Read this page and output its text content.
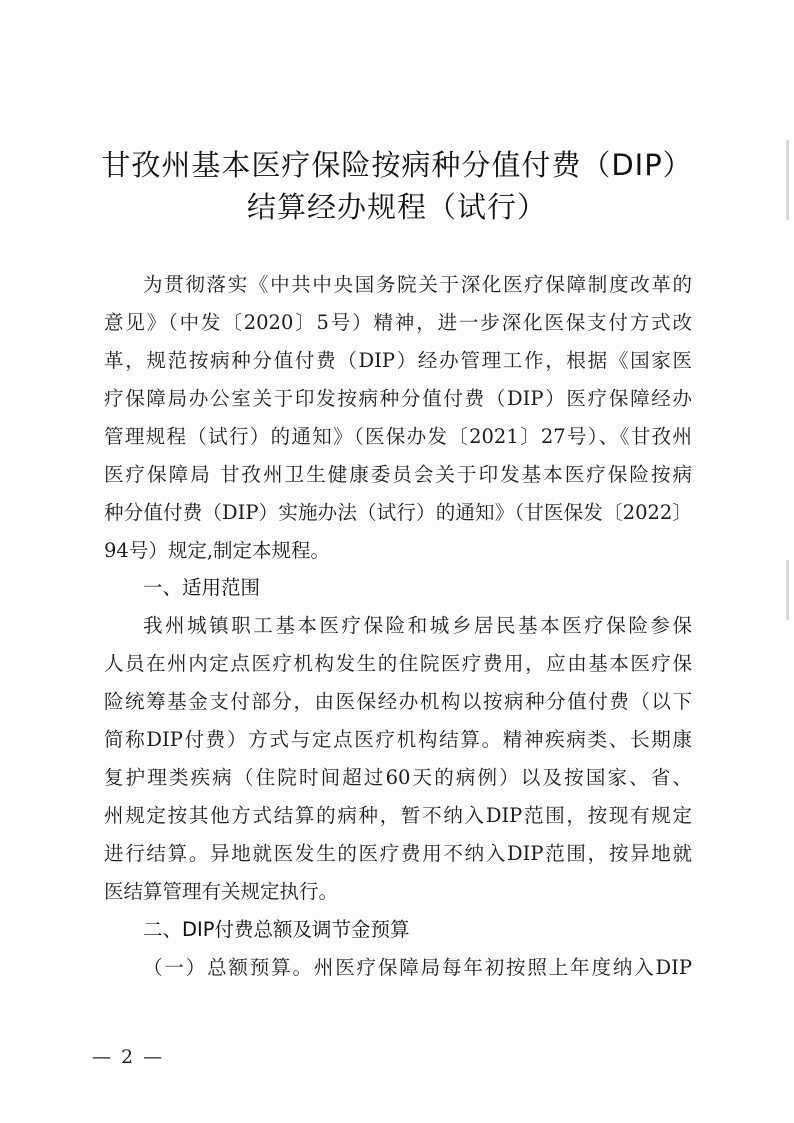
甘孜州基本医疗保险按病种分值付费（DIP）
结算经办规程（试行）
为贯彻落实《中共中央国务院关于深化医疗保障制度改革的
意见》（中发〔2020〕5号）精神，进一步深化医保支付方式改
革，规范按病种分值付费（DIP）经办管理工作，根据《国家医
疗保障局办公室关于印发按病种分值付费（DIP）医疗保障经办
管理规程（试行）的通知》（医保办发〔2021〕27号）、《甘孜州
医疗保障局 甘孜州卫生健康委员会关于印发基本医疗保险按病
种分值付费（DIP）实施办法（试行）的通知》（甘医保发〔2022〕
94号）规定,制定本规程。
一、适用范围
我州城镇职工基本医疗保险和城乡居民基本医疗保险参保
人员在州内定点医疗机构发生的住院医疗费用，应由基本医疗保
险统筹基金支付部分，由医保经办机构以按病种分值付费（以下
简称DIP付费）方式与定点医疗机构结算。精神疾病类、长期康
复护理类疾病（住院时间超过60天的病例）以及按国家、省、
州规定按其他方式结算的病种，暂不纳入DIP范围，按现有规定
进行结算。异地就医发生的医疗费用不纳入DIP范围，按异地就
医结算管理有关规定执行。
二、DIP付费总额及调节金预算
（一）总额预算。州医疗保障局每年初按照上年度纳入DIP
— 2 —
